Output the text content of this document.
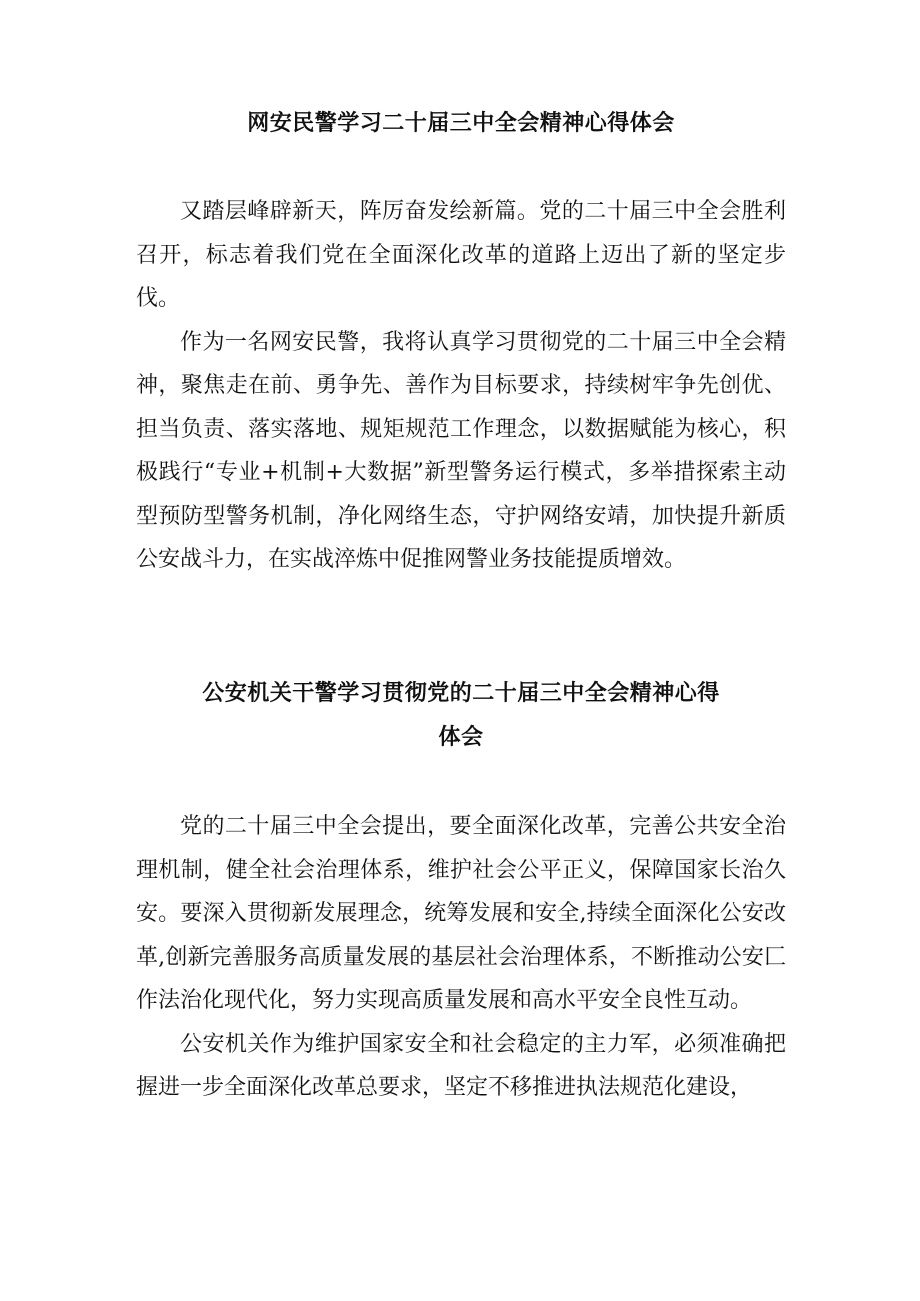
网安民警学习二十届三中全会精神心得体会

又踏层峰辟新天，阵厉奋发绘新篇。党的二十届三中全会胜利召开，标志着我们党在全面深化改革的道路上迈出了新的坚定步伐。

作为一名网安民警，我将认真学习贯彻党的二十届三中全会精神，聚焦走在前、勇争先、善作为目标要求，持续树牢争先创优、担当负责、落实落地、规矩规范工作理念，以数据赋能为核心，积极践行“专业+机制+大数据”新型警务运行模式，多举措探索主动型预防型警务机制，净化网络生态，守护网络安靖，加快提升新质公安战斗力，在实战淬炼中促推网警业务技能提质增效。

公安机关干警学习贯彻党的二十届三中全会精神心得
体会

党的二十届三中全会提出，要全面深化改革，完善公共安全治理机制，健全社会治理体系，维护社会公平正义，保障国家长治久安。要深入贯彻新发展理念，统筹发展和安全,持续全面深化公安改革,创新完善服务高质量发展的基层社会治理体系，不断推动公安匚作法治化现代化，努力实现高质量发展和高水平安全良性互动。

公安机关作为维护国家安全和社会稳定的主力军，必须准确把握进一步全面深化改革总要求，坚定不移推进执法规范化建设，
